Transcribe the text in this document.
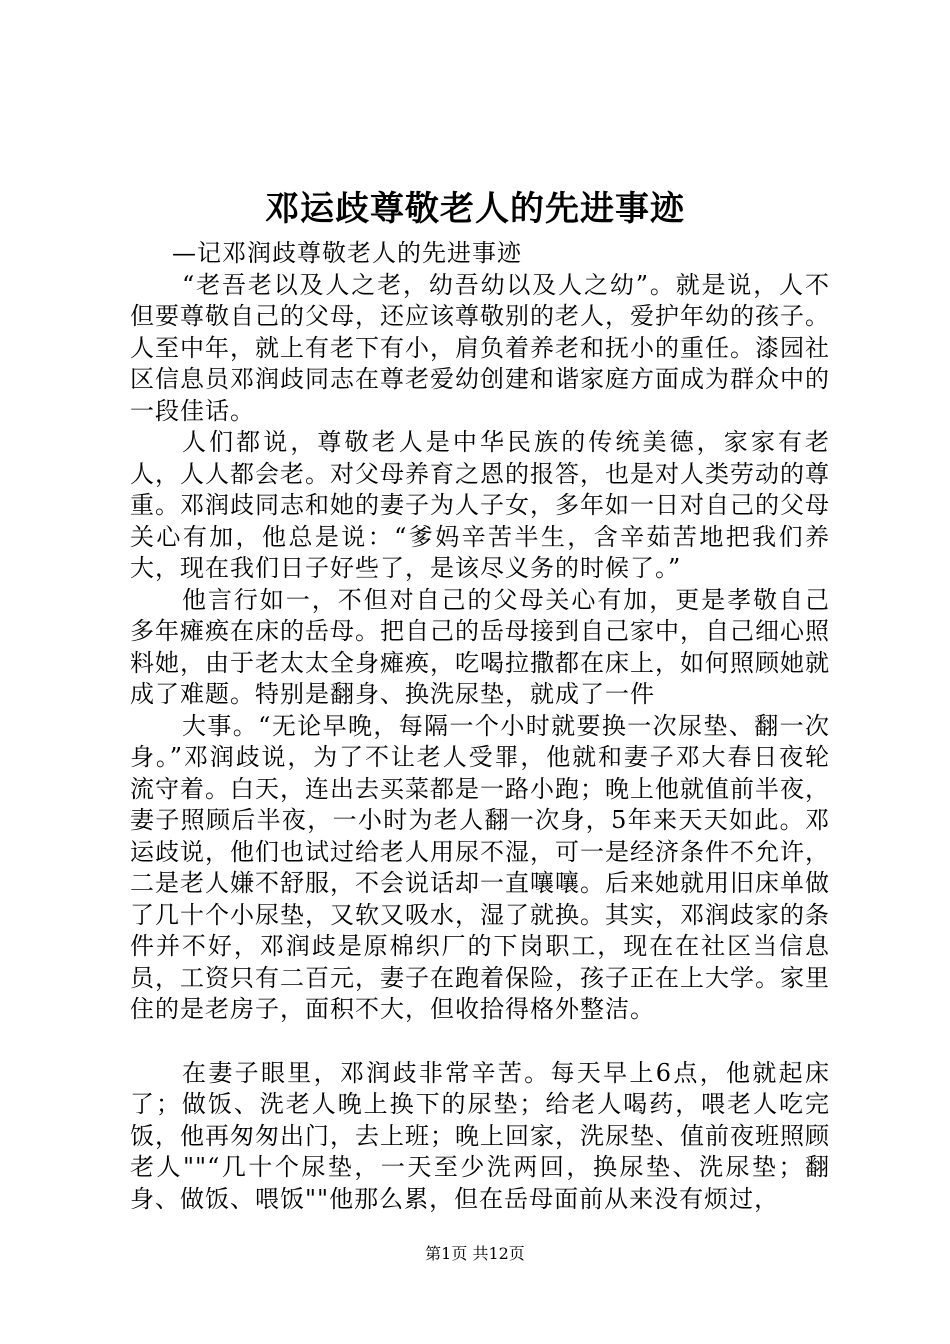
邓运歧尊敬老人的先进事迹

—记邓润歧尊敬老人的先进事迹

“老吾老以及人之老，幼吾幼以及人之幼”。就是说，人不但要尊敬自己的父母，还应该尊敬别的老人，爱护年幼的孩子。人至中年，就上有老下有小，肩负着养老和抚小的重任。漆园社区信息员邓润歧同志在尊老爱幼创建和谐家庭方面成为群众中的一段佳话。

人们都说，尊敬老人是中华民族的传统美德，家家有老人，人人都会老。对父母养育之恩的报答，也是对人类劳动的尊重。邓润歧同志和她的妻子为人子女，多年如一日对自己的父母关心有加，他总是说：“爹妈辛苦半生，含辛茹苦地把我们养大，现在我们日子好些了，是该尽义务的时候了。”

他言行如一，不但对自己的父母关心有加，更是孝敬自己多年瘫痪在床的岳母。把自己的岳母接到自己家中，自己细心照料她，由于老太太全身瘫痪，吃喝拉撒都在床上，如何照顾她就成了难题。特别是翻身、换洗尿垫，就成了一件

大事。“无论早晚，每隔一个小时就要换一次尿垫、翻一次身。”邓润歧说，为了不让老人受罪，他就和妻子邓大春日夜轮流守着。白天，连出去买菜都是一路小跑；晚上他就值前半夜，妻子照顾后半夜，一小时为老人翻一次身，5年来天天如此。邓运歧说，他们也试过给老人用尿不湿，可一是经济条件不允许，二是老人嫌不舒服，不会说话却一直嚷嚷。后来她就用旧床单做了几十个小尿垫，又软又吸水，湿了就换。其实，邓润歧家的条件并不好，邓润歧是原棉织厂的下岗职工，现在在社区当信息员，工资只有二百元，妻子在跑着保险，孩子正在上大学。家里住的是老房子，面积不大，但收拾得格外整洁。

在妻子眼里，邓润歧非常辛苦。每天早上6点，他就起床了；做饭、洗老人晚上换下的尿垫；给老人喝药，喂老人吃完饭，他再匆匆出门，去上班；晚上回家，洗尿垫、值前夜班照顾老人""“几十个尿垫，一天至少洗两回，换尿垫、洗尿垫；翻身、做饭、喂饭""他那么累，但在岳母面前从来没有烦过，

第1页 共12页
